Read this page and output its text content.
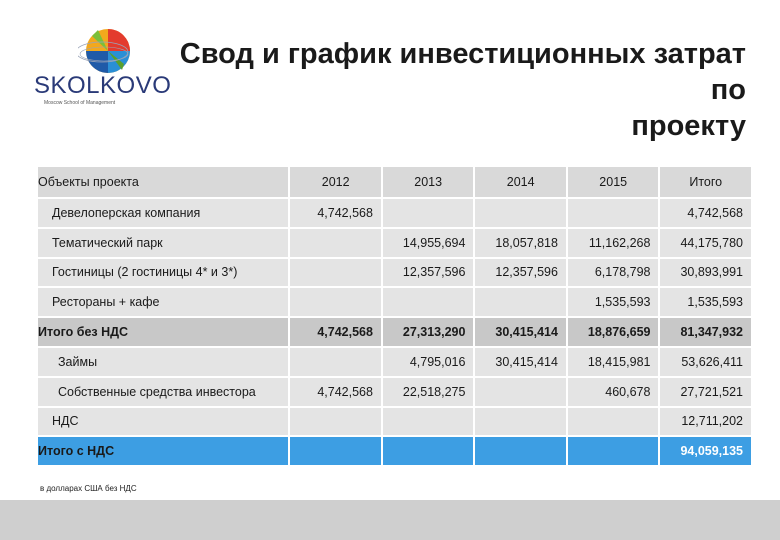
SKOLKOVO
Moscow School of Management
Свод и график инвестиционных затрат по
проекту
Объекты проекта	2012	2013	2014	2015	Итого
Девелоперская компания	4,742,568				4,742,568
Тематический парк		14,955,694	18,057,818	11,162,268	44,175,780
Гостиницы (2 гостиницы 4* и 3*)		12,357,596	12,357,596	6,178,798	30,893,991
Рестораны + кафе				1,535,593	1,535,593
Итого без НДС	4,742,568	27,313,290	30,415,414	18,876,659	81,347,932
Займы		4,795,016	30,415,414	18,415,981	53,626,411
Собственные средства инвестора	4,742,568	22,518,275		460,678	27,721,521
НДС					12,711,202
Итого с НДС					94,059,135
в долларах США без НДС
